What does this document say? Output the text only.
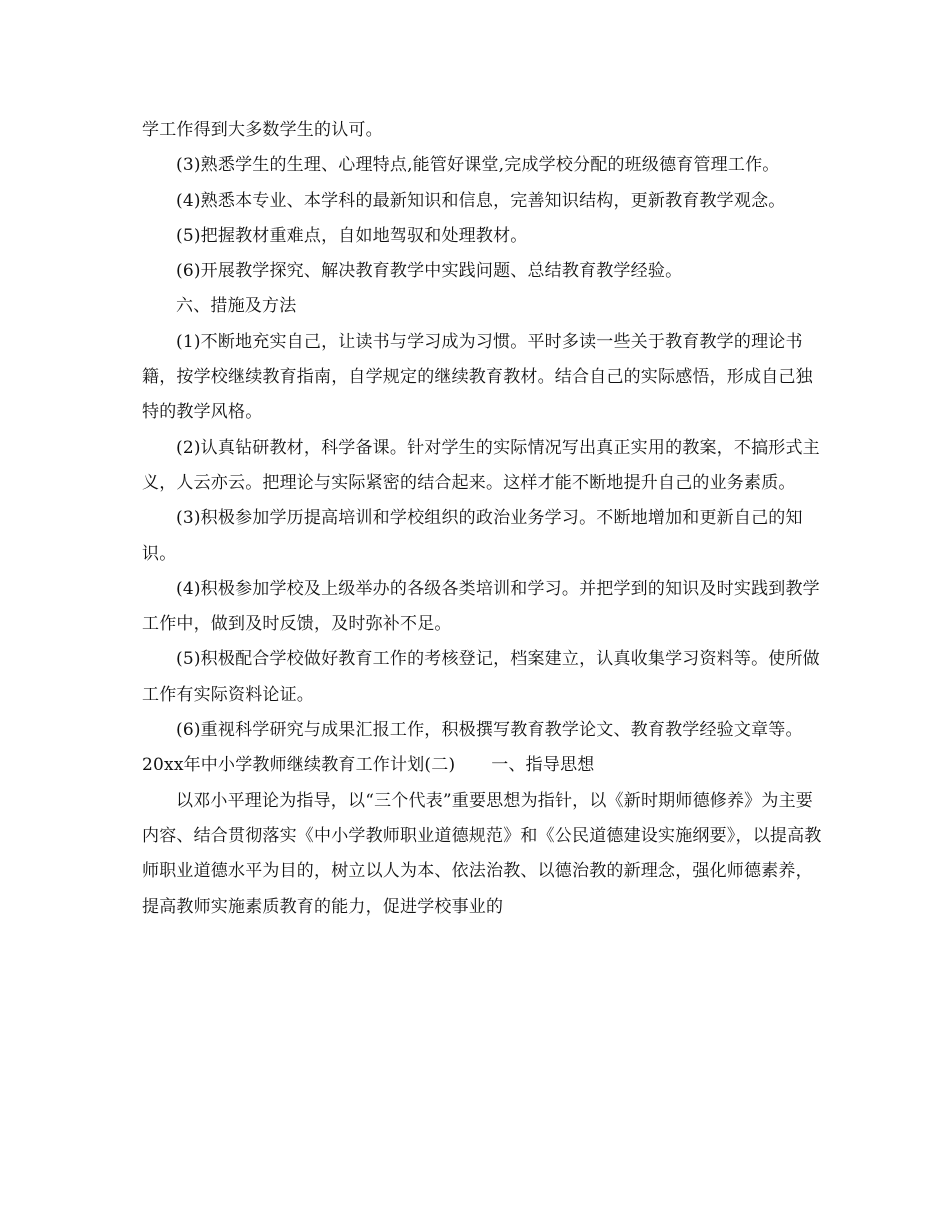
学工作得到大多数学生的认可。

(3)熟悉学生的生理、心理特点,能管好课堂,完成学校分配的班级德育管理工作。

(4)熟悉本专业、本学科的最新知识和信息，完善知识结构，更新教育教学观念。

(5)把握教材重难点，自如地驾驭和处理教材。

(6)开展教学探究、解决教育教学中实践问题、总结教育教学经验。

六、措施及方法

(1)不断地充实自己，让读书与学习成为习惯。平时多读一些关于教育教学的理论书籍，按学校继续教育指南，自学规定的继续教育教材。结合自己的实际感悟，形成自己独特的教学风格。

(2)认真钻研教材，科学备课。针对学生的实际情况写出真正实用的教案，不搞形式主义，人云亦云。把理论与实际紧密的结合起来。这样才能不断地提升自己的业务素质。

(3)积极参加学历提高培训和学校组织的政治业务学习。不断地增加和更新自己的知识。

(4)积极参加学校及上级举办的各级各类培训和学习。并把学到的知识及时实践到教学工作中，做到及时反馈，及时弥补不足。

(5)积极配合学校做好教育工作的考核登记，档案建立，认真收集学习资料等。使所做工作有实际资料论证。

(6)重视科学研究与成果汇报工作，积极撰写教育教学论文、教育教学经验文章等。

20xx年中小学教师继续教育工作计划(二) 一、指导思想

以邓小平理论为指导，以“三个代表”重要思想为指针，以《新时期师德修养》为主要内容、结合贯彻落实《中小学教师职业道德规范》和《公民道德建设实施纲要》，以提高教师职业道德水平为目的，树立以人为本、依法治教、以德治教的新理念，强化师德素养，提高教师实施素质教育的能力，促进学校事业的
